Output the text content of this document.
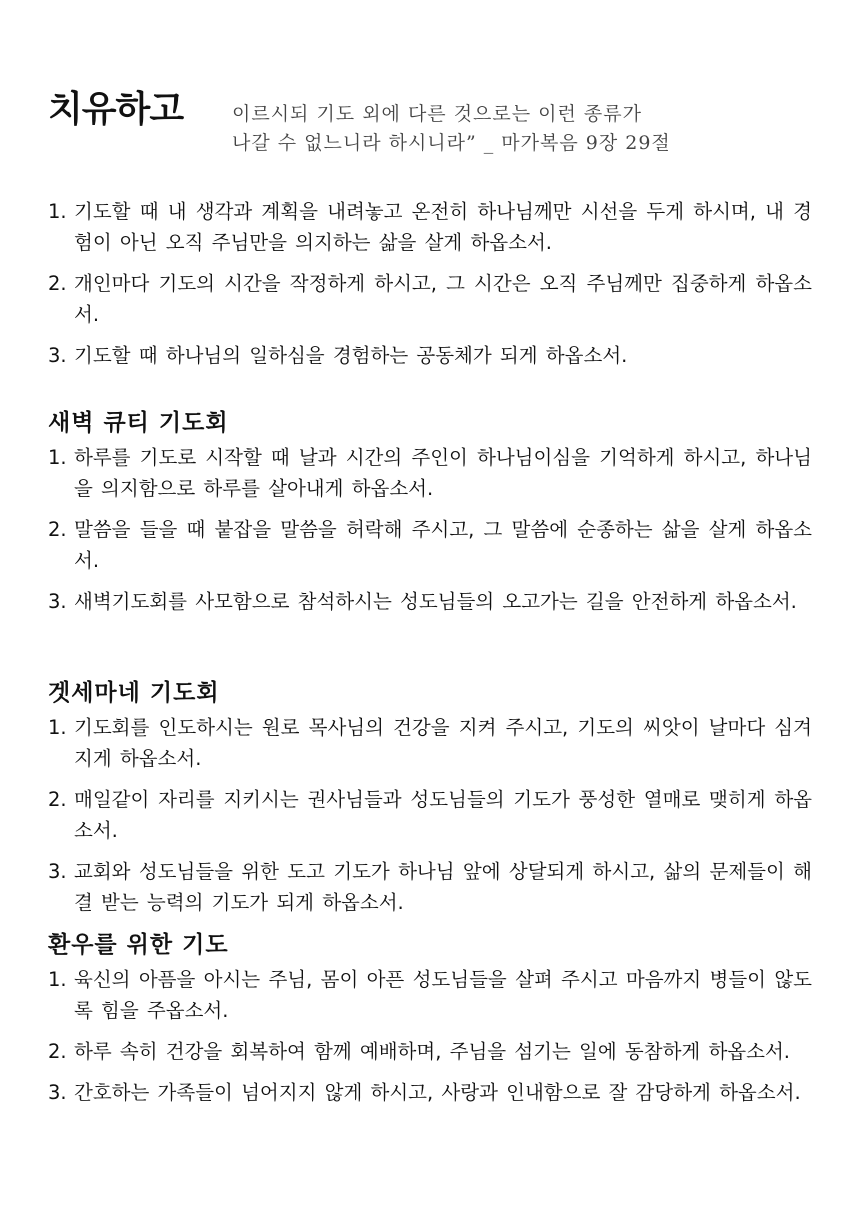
치유하고	이르시되 기도 외에 다른 것으로는 이런 종류가
나갈 수 없느니라 하시니라” _ 마가복음 9장 29절
1. 기도할 때 내 생각과 계획을 내려놓고 온전히 하나님께만 시선을 두게 하시며, 내 경험이 아닌 오직 주님만을 의지하는 삶을 살게 하옵소서.
2. 개인마다 기도의 시간을 작정하게 하시고, 그 시간은 오직 주님께만 집중하게 하옵소서.
3. 기도할 때 하나님의 일하심을 경험하는 공동체가 되게 하옵소서.
새벽 큐티 기도회
1. 하루를 기도로 시작할 때 날과 시간의 주인이 하나님이심을 기억하게 하시고, 하나님을 의지함으로 하루를 살아내게 하옵소서.
2. 말씀을 들을 때 붙잡을 말씀을 허락해 주시고, 그 말씀에 순종하는 삶을 살게 하옵소서.
3. 새벽기도회를 사모함으로 참석하시는 성도님들의 오고가는 길을 안전하게 하옵소서.
겟세마네 기도회
1. 기도회를 인도하시는 원로 목사님의 건강을 지켜 주시고, 기도의 씨앗이 날마다 심겨지게 하옵소서.
2. 매일같이 자리를 지키시는 권사님들과 성도님들의 기도가 풍성한 열매로 맺히게 하옵소서.
3. 교회와 성도님들을 위한 도고 기도가 하나님 앞에 상달되게 하시고, 삶의 문제들이 해결 받는 능력의 기도가 되게 하옵소서.
환우를 위한 기도
1. 육신의 아픔을 아시는 주님, 몸이 아픈 성도님들을 살펴 주시고 마음까지 병들이 않도록 힘을 주옵소서.
2. 하루 속히 건강을 회복하여 함께 예배하며, 주님을 섬기는 일에 동참하게 하옵소서.
3. 간호하는 가족들이 넘어지지 않게 하시고, 사랑과 인내함으로 잘 감당하게 하옵소서.
